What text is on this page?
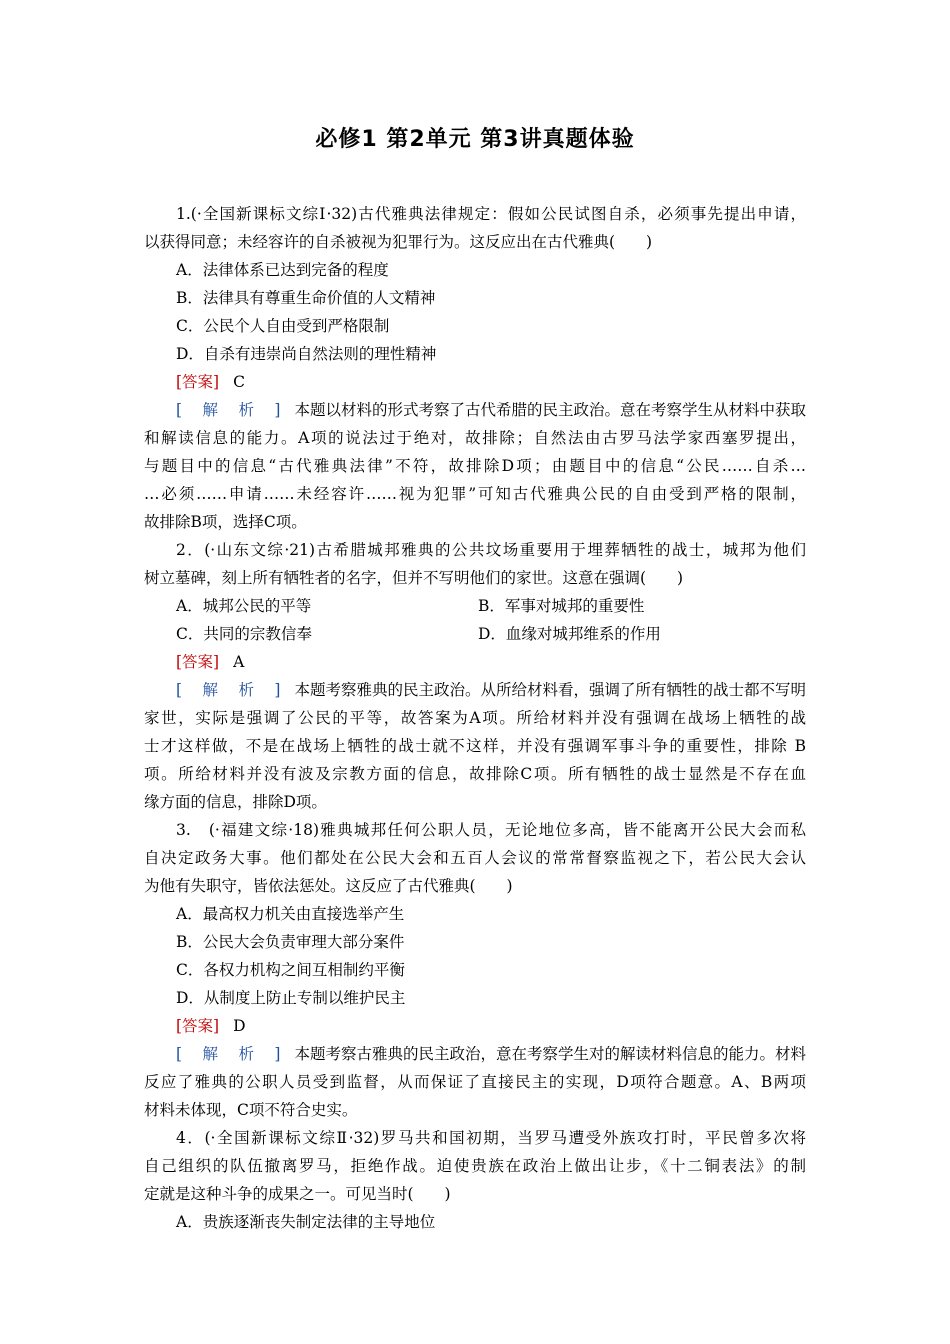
必修1 第2单元 第3讲真题体验
1.(·全国新课标文综Ⅰ·32)古代雅典法律规定：假如公民试图自杀，必须事先提出申请，
以获得同意；未经容许的自杀被视为犯罪行为。这反应出在古代雅典(　　)
A．法律体系已达到完备的程度
B．法律具有尊重生命价值的人文精神
C．公民个人自由受到严格限制
D．自杀有违崇尚自然法则的理性精神
[答案] C
[解析] 本题以材料的形式考察了古代希腊的民主政治。意在考察学生从材料中获取
和解读信息的能力。A项的说法过于绝对，故排除；自然法由古罗马法学家西塞罗提出，
与题目中的信息“古代雅典法律”不符，故排除D项；由题目中的信息“公民……自杀…
…必须……申请……未经容许……视为犯罪”可知古代雅典公民的自由受到严格的限制，
故排除B项，选择C项。
2．(·山东文综·21)古希腊城邦雅典的公共坟场重要用于埋葬牺牲的战士，城邦为他们
树立墓碑，刻上所有牺牲者的名字，但并不写明他们的家世。这意在强调(　　)
A．城邦公民的平等	B．军事对城邦的重要性
C．共同的宗教信奉	D．血缘对城邦维系的作用
[答案] A
[解析] 本题考察雅典的民主政治。从所给材料看，强调了所有牺牲的战士都不写明
家世，实际是强调了公民的平等，故答案为A项。所给材料并没有强调在战场上牺牲的战
士才这样做，不是在战场上牺牲的战士就不这样，并没有强调军事斗争的重要性，排除 B
项。所给材料并没有波及宗教方面的信息，故排除C项。所有牺牲的战士显然是不存在血
缘方面的信息，排除D项。
3.　(·福建文综·18)雅典城邦任何公职人员，无论地位多高，皆不能离开公民大会而私
自决定政务大事。他们都处在公民大会和五百人会议的常常督察监视之下，若公民大会认
为他有失职守，皆依法惩处。这反应了古代雅典(　　)
A．最高权力机关由直接选举产生
B．公民大会负责审理大部分案件
C．各权力机构之间互相制约平衡
D．从制度上防止专制以维护民主
[答案] D
[解析] 本题考察古雅典的民主政治，意在考察学生对的解读材料信息的能力。材料
反应了雅典的公职人员受到监督，从而保证了直接民主的实现，D项符合题意。A、B两项
材料未体现，C项不符合史实。
4．(·全国新课标文综Ⅱ·32)罗马共和国初期，当罗马遭受外族攻打时，平民曾多次将
自己组织的队伍撤离罗马，拒绝作战。迫使贵族在政治上做出让步，《十二铜表法》的制
定就是这种斗争的成果之一。可见当时(　　)
A．贵族逐渐丧失制定法律的主导地位
